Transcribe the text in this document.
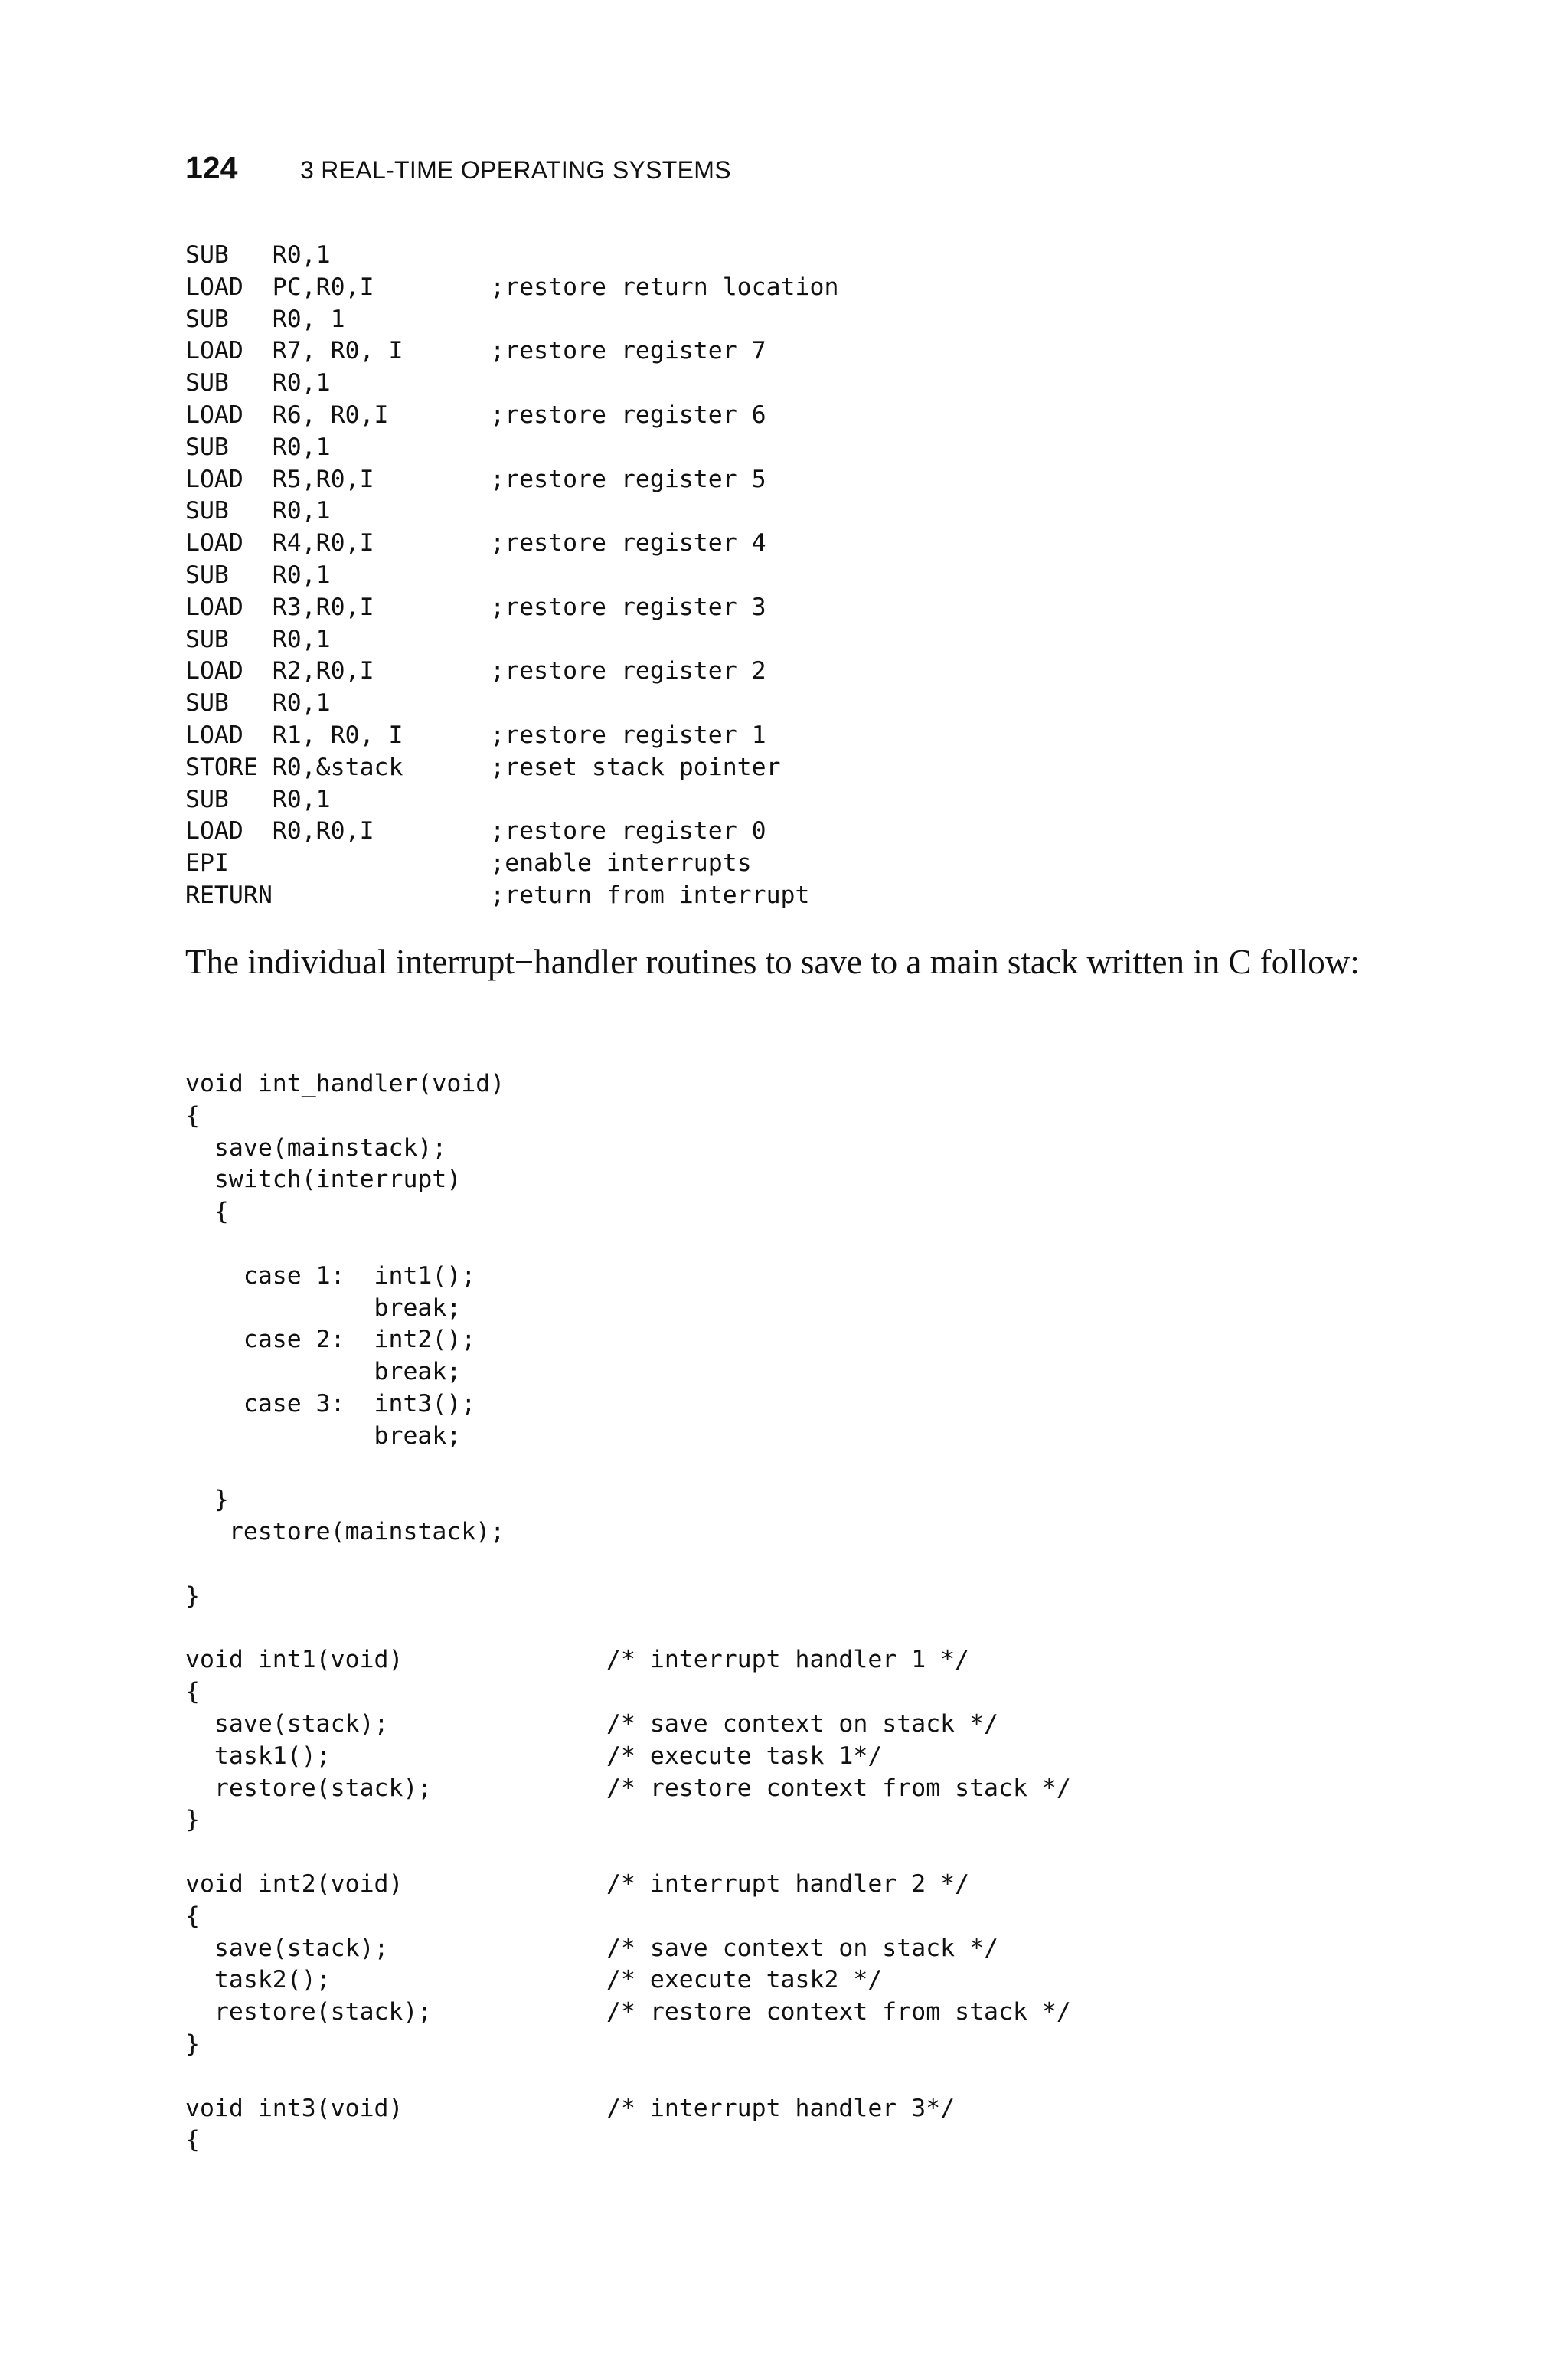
124	3 REAL-TIME OPERATING SYSTEMS
SUB   R0,1
LOAD  PC,R0,I        ;restore return location
SUB   R0, 1
LOAD  R7, R0, I      ;restore register 7
SUB   R0,1
LOAD  R6, R0,I       ;restore register 6
SUB   R0,1
LOAD  R5,R0,I        ;restore register 5
SUB   R0,1
LOAD  R4,R0,I        ;restore register 4
SUB   R0,1
LOAD  R3,R0,I        ;restore register 3
SUB   R0,1
LOAD  R2,R0,I        ;restore register 2
SUB   R0,1
LOAD  R1, R0, I      ;restore register 1
STORE R0,&stack      ;reset stack pointer
SUB   R0,1
LOAD  R0,R0,I        ;restore register 0
EPI                  ;enable interrupts
RETURN               ;return from interrupt

The individual interrupt−handler routines to save to a main stack written in C follow:

void int_handler(void)
{
save(mainstack);
switch(interrupt)
{

case 1:  int1();
break;
case 2:  int2();
break;
case 3:  int3();
break;

}
restore(mainstack);

}

void int1(void)              /* interrupt handler 1 */
{
save(stack);               /* save context on stack */
task1();                   /* execute task 1*/
restore(stack);            /* restore context from stack */
}

void int2(void)              /* interrupt handler 2 */
{
save(stack);               /* save context on stack */
task2();                   /* execute task2 */
restore(stack);            /* restore context from stack */
}

void int3(void)              /* interrupt handler 3*/
{
